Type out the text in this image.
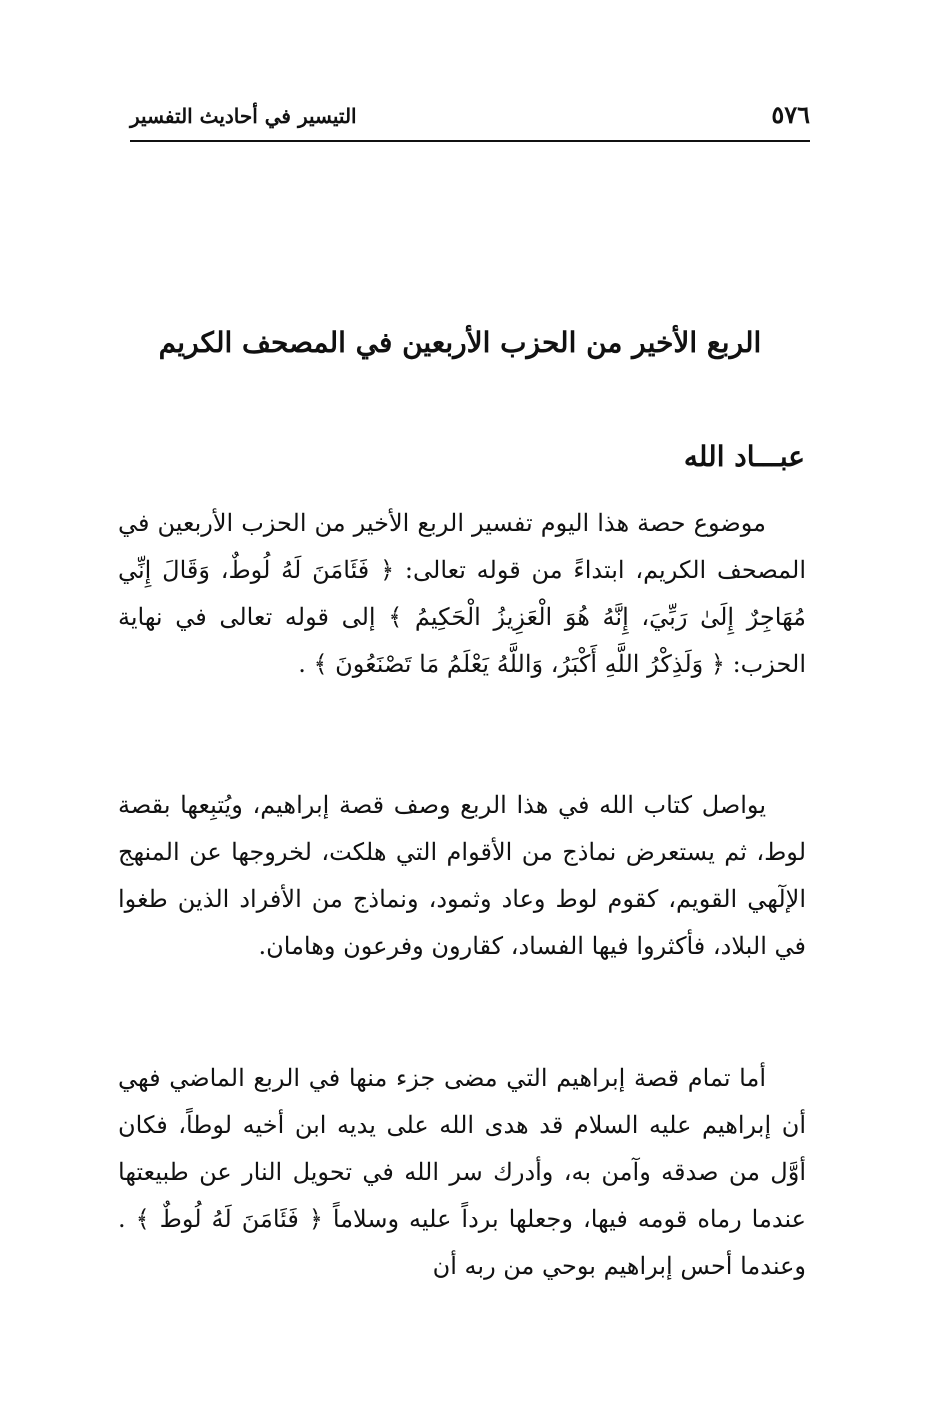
٥٧٦
التيسير في أحاديث التفسير
الربع الأخير من الحزب الأربعين في المصحف الكريم
عبـــاد الله

موضوع حصة هذا اليوم تفسير الربع الأخير من الحزب الأربعين في المصحف الكريم، ابتداءً من قوله تعالى: ﴿ فَئَامَنَ لَهُ لُوطٌ، وَقَالَ إِنِّي مُهَاجِرٌ إِلَىٰ رَبِّيَ، إِنَّهُ هُوَ الْعَزِيزُ الْحَكِيمُ ﴾ إلى قوله تعالى في نهاية الحزب: ﴿ وَلَذِكْرُ اللَّهِ أَكْبَرُ، وَاللَّهُ يَعْلَمُ مَا تَصْنَعُونَ ﴾ .

يواصل كتاب الله في هذا الربع وصف قصة إبراهيم، ويُتبِعها بقصة لوط، ثم يستعرض نماذج من الأقوام التي هلكت، لخروجها عن المنهج الإلٓهي القويم، كقوم لوط وعاد وثمود، ونماذج من الأفراد الذين طغوا في البلاد، فأكثروا فيها الفساد، كقارون وفرعون وهامان.

أما تمام قصة إبراهيم التي مضى جزء منها في الربع الماضي فهي أن إبراهيم عليه السلام قد هدى الله على يديه ابن أخيه لوطاً، فكان أوَّل من صدقه وآمن به، وأدرك سر الله في تحويل النار عن طبيعتها عندما رماه قومه فيها، وجعلها برداً عليه وسلاماً ﴿ فَئَامَنَ لَهُ لُوطٌ ﴾ . وعندما أحس إبراهيم بوحي من ربه أن
